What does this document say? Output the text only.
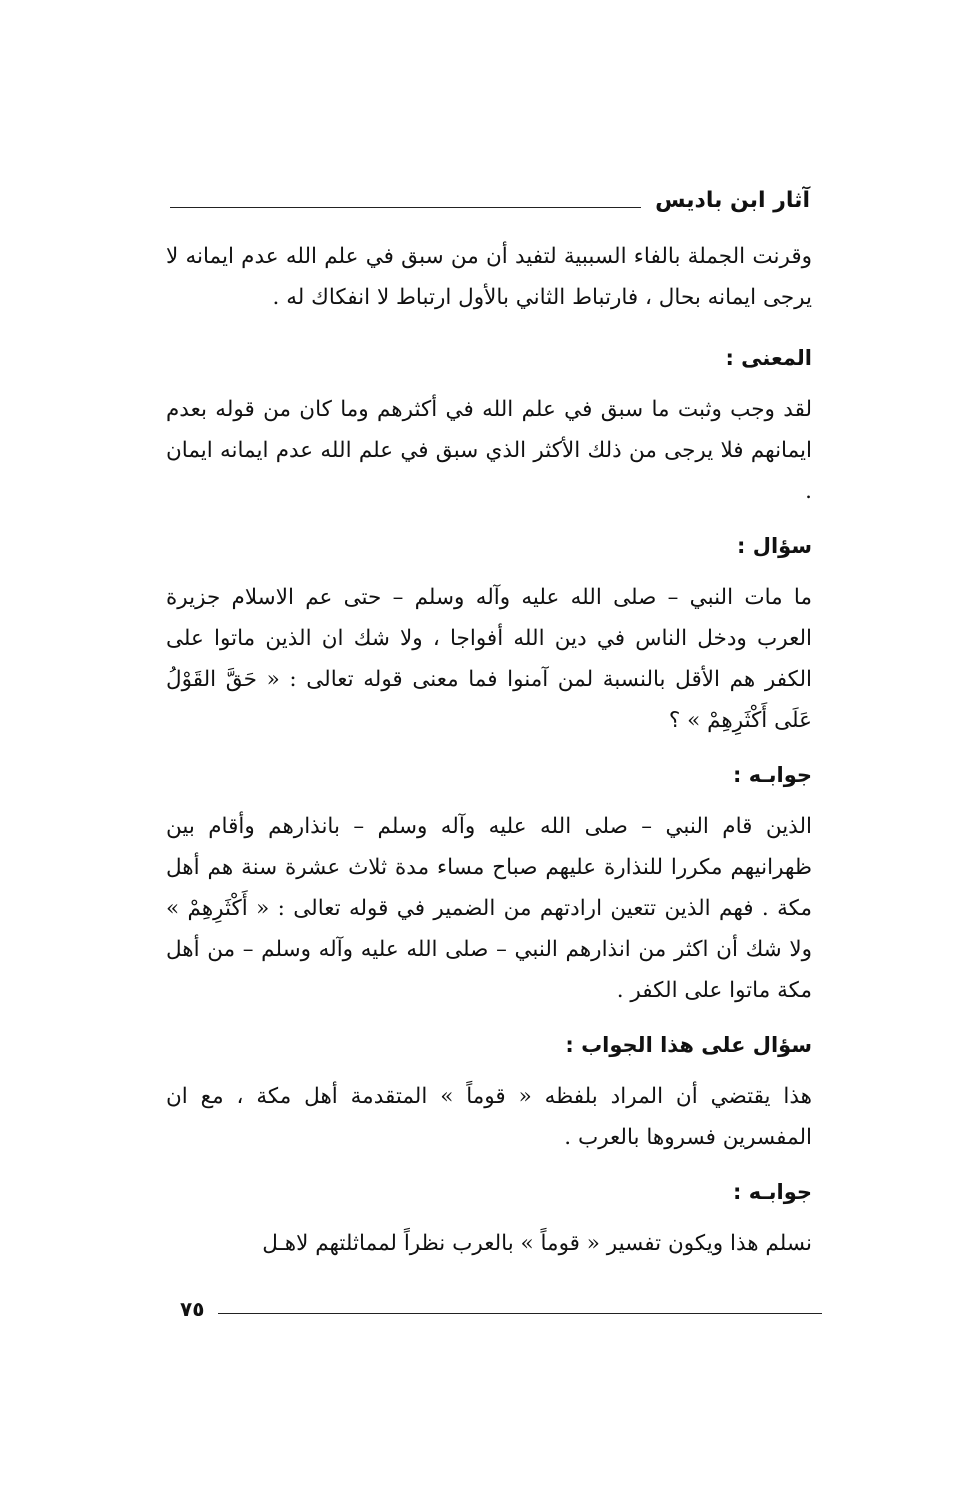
آثار ابن باديس

وقرنت الجملة بالفاء السببية لتفيد أن من سبق في علم الله عدم ايمانه لا يرجى ايمانه بحال ، فارتباط الثاني بالأول ارتباط لا انفكاك له .

المعنى :

لقد وجب وثبت ما سبق في علم الله في أكثرهم وما كان من قوله بعدم ايمانهم فلا يرجى من ذلك الأكثر الذي سبق في علم الله عدم ايمانه ايمان .

سؤال :

ما مات النبي – صلى الله عليه وآله وسلم – حتى عم الاسلام جزيرة العرب ودخل الناس في دين الله أفواجا ، ولا شك ان الذين ماتوا على الكفر هم الأقل بالنسبة لمن آمنوا فما معنى قوله تعالى : « حَقَّ القَوْلُ عَلَى أَكْثَرِهِمْ » ؟

جوابـه :

الذين قام النبي – صلى الله عليه وآله وسلم – بانذارهم وأقام بين ظهرانيهم مكررا للنذارة عليهم صباح مساء مدة ثلاث عشرة سنة هم أهل مكة . فهم الذين تتعين ارادتهم من الضمير في قوله تعالى : « أَكْثَرِهِمْ » ولا شك أن اكثر من انذارهم النبي – صلى الله عليه وآله وسلم – من أهل مكة ماتوا على الكفر .

سؤال على هذا الجواب :

هذا يقتضي أن المراد بلفظه « قوماً » المتقدمة أهل مكة ، مع ان المفسرين فسروها بالعرب .

جوابـه :

نسلم هذا ويكون تفسير « قوماً » بالعرب نظراً لمماثلتهم لاهـل

٧٥
